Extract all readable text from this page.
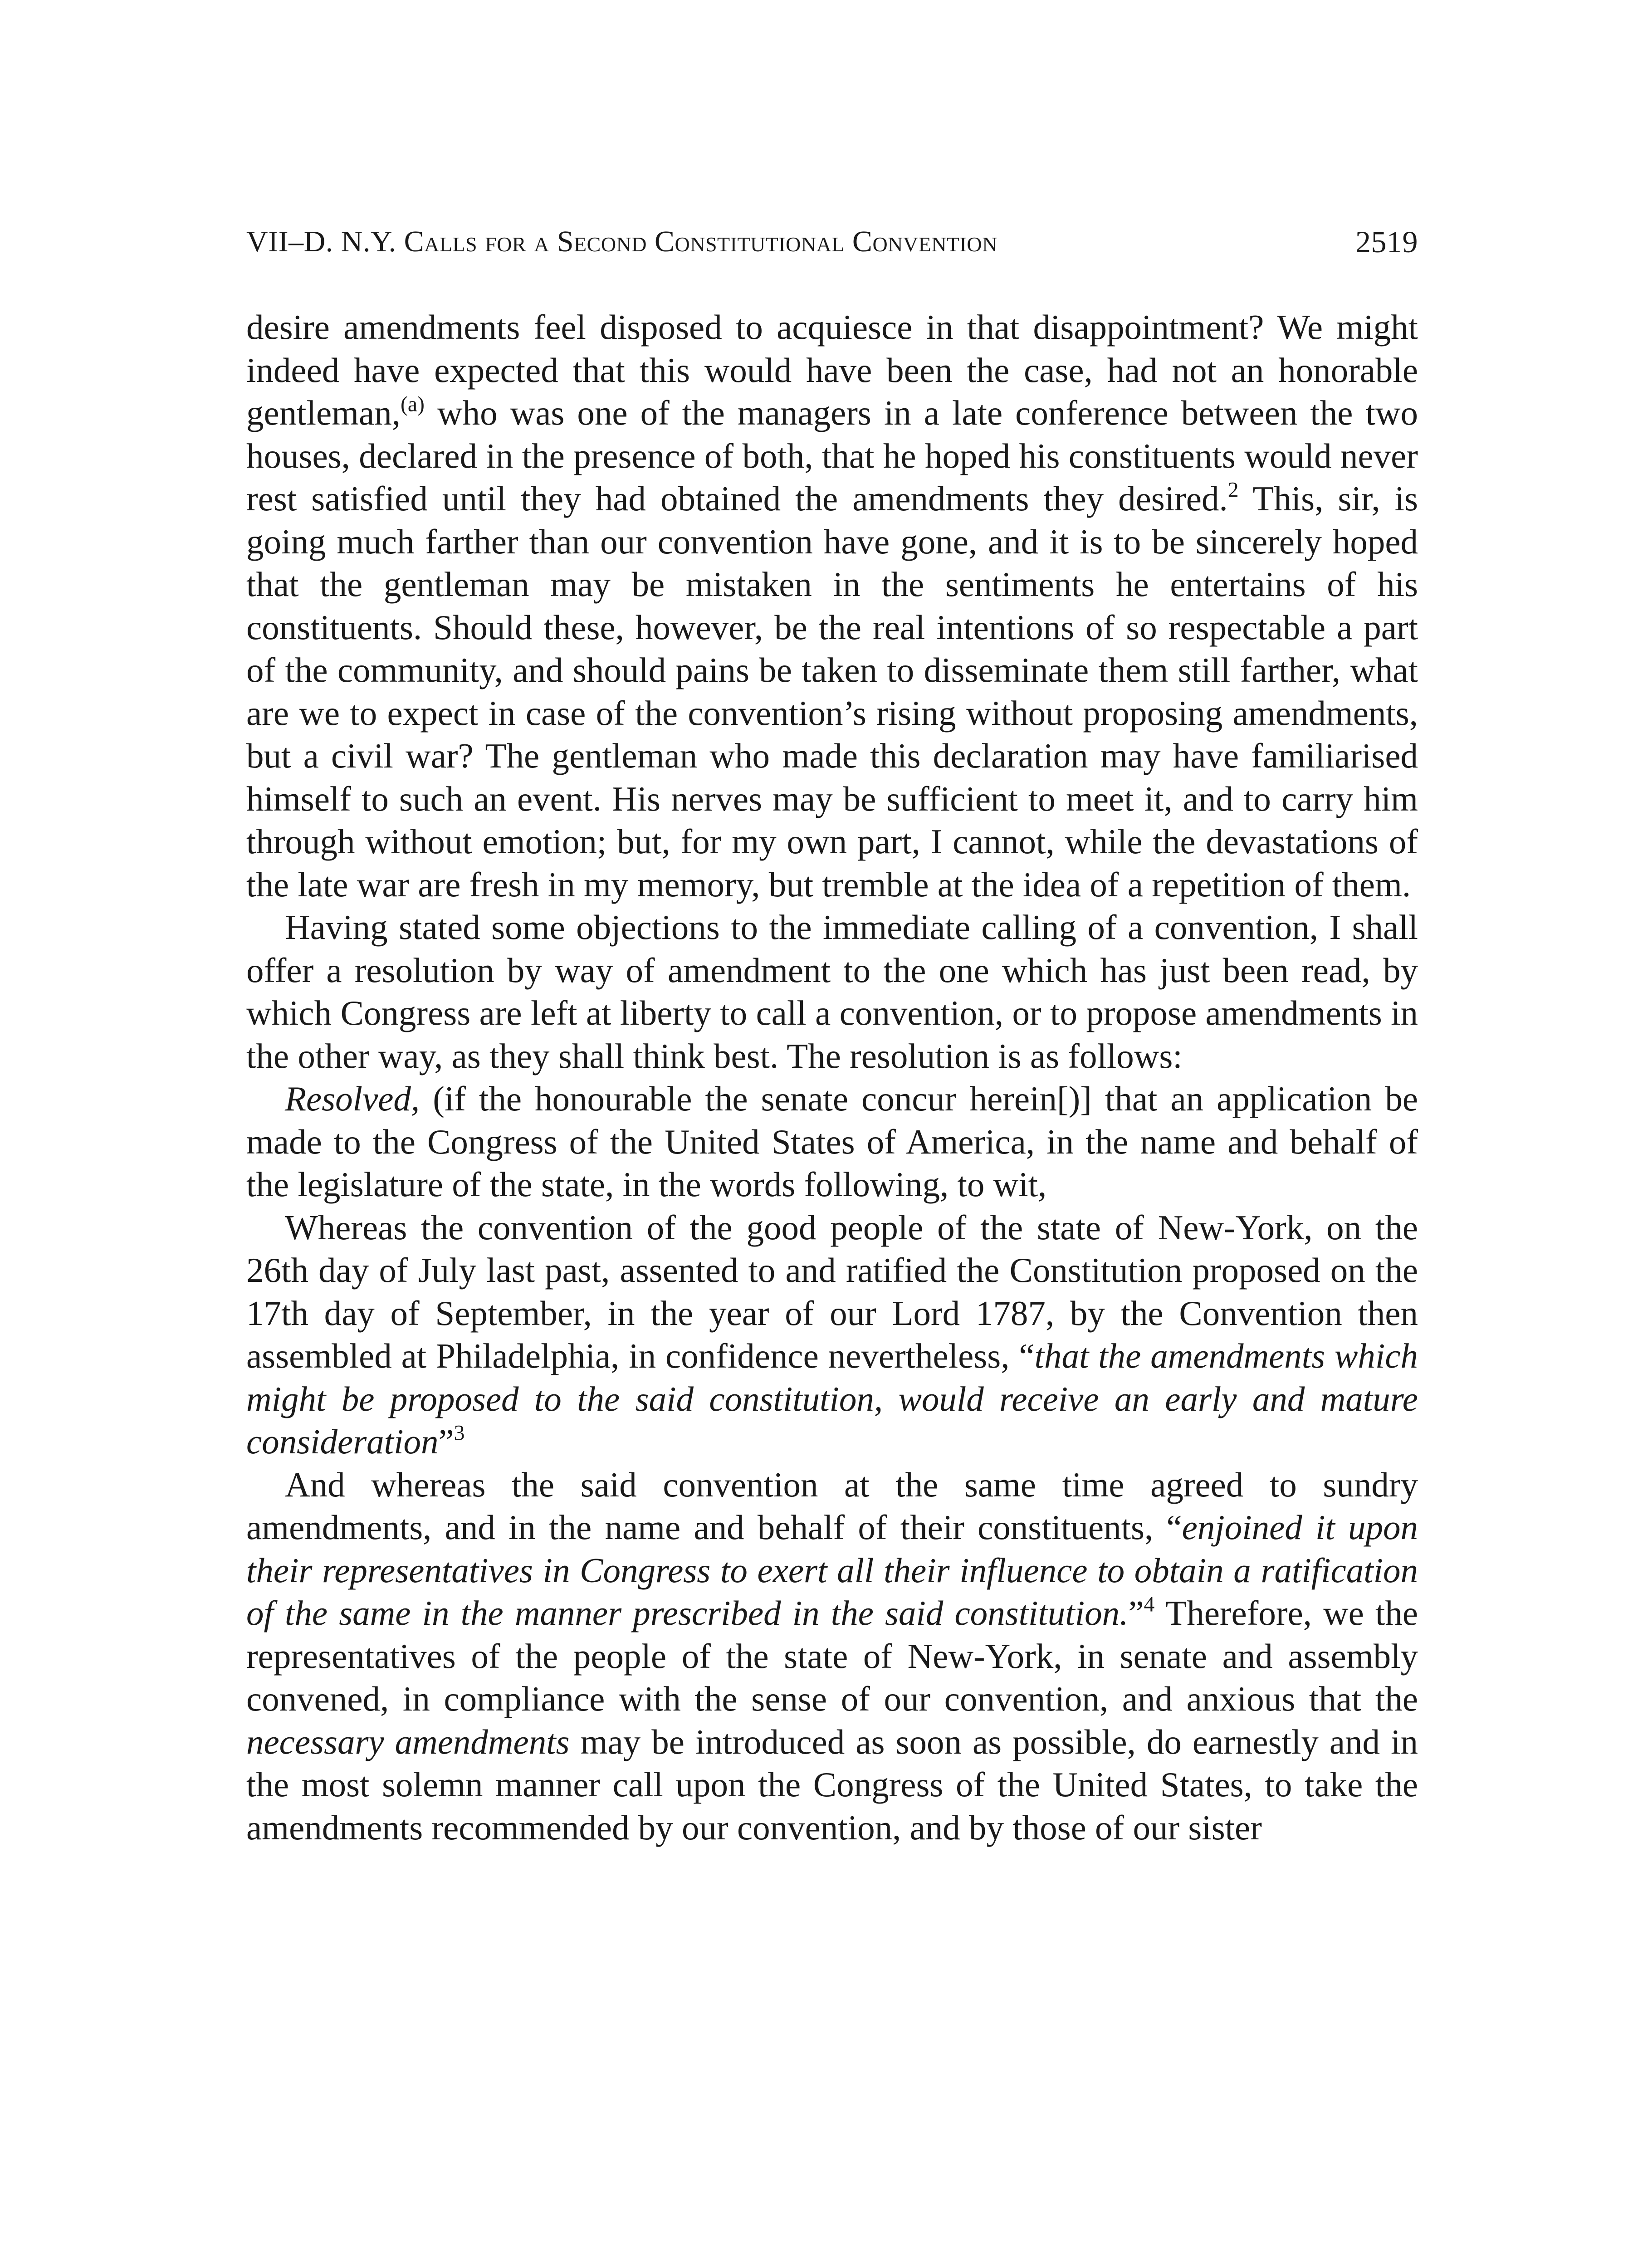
VII–D. N.Y. Calls for a Second Constitutional Convention	2519

desire amendments feel disposed to acquiesce in that disappointment? We might indeed have expected that this would have been the case, had not an honorable gentleman,$^{(a)}$ who was one of the managers in a late conference between the two houses, declared in the presence of both, that he hoped his constituents would never rest satisfied until they had obtained the amendments they desired.$^2$ This, sir, is going much farther than our convention have gone, and it is to be sincerely hoped that the gentleman may be mistaken in the sentiments he entertains of his constituents. Should these, however, be the real intentions of so respectable a part of the community, and should pains be taken to disseminate them still farther, what are we to expect in case of the convention’s rising without proposing amendments, but a civil war? The gentleman who made this declaration may have familiarised himself to such an event. His nerves may be sufficient to meet it, and to carry him through without emotion; but, for my own part, I cannot, while the devastations of the late war are fresh in my memory, but tremble at the idea of a repetition of them.

Having stated some objections to the immediate calling of a convention, I shall offer a resolution by way of amendment to the one which has just been read, by which Congress are left at liberty to call a convention, or to propose amendments in the other way, as they shall think best. The resolution is as follows:

Resolved, (if the honourable the senate concur herein[)] that an application be made to the Congress of the United States of America, in the name and behalf of the legislature of the state, in the words following, to wit,

Whereas the convention of the good people of the state of New-York, on the 26th day of July last past, assented to and ratified the Constitution proposed on the 17th day of September, in the year of our Lord 1787, by the Convention then assembled at Philadelphia, in confidence nevertheless, “that the amendments which might be proposed to the said constitution, would receive an early and mature consideration”$^3$

And whereas the said convention at the same time agreed to sundry amendments, and in the name and behalf of their constituents, “enjoined it upon their representatives in Congress to exert all their influence to obtain a ratification of the same in the manner prescribed in the said constitution.”$^4$ Therefore, we the representatives of the people of the state of New-York, in senate and assembly convened, in compliance with the sense of our convention, and anxious that the necessary amendments may be introduced as soon as possible, do earnestly and in the most solemn manner call upon the Congress of the United States, to take the amendments recommended by our convention, and by those of our sister
